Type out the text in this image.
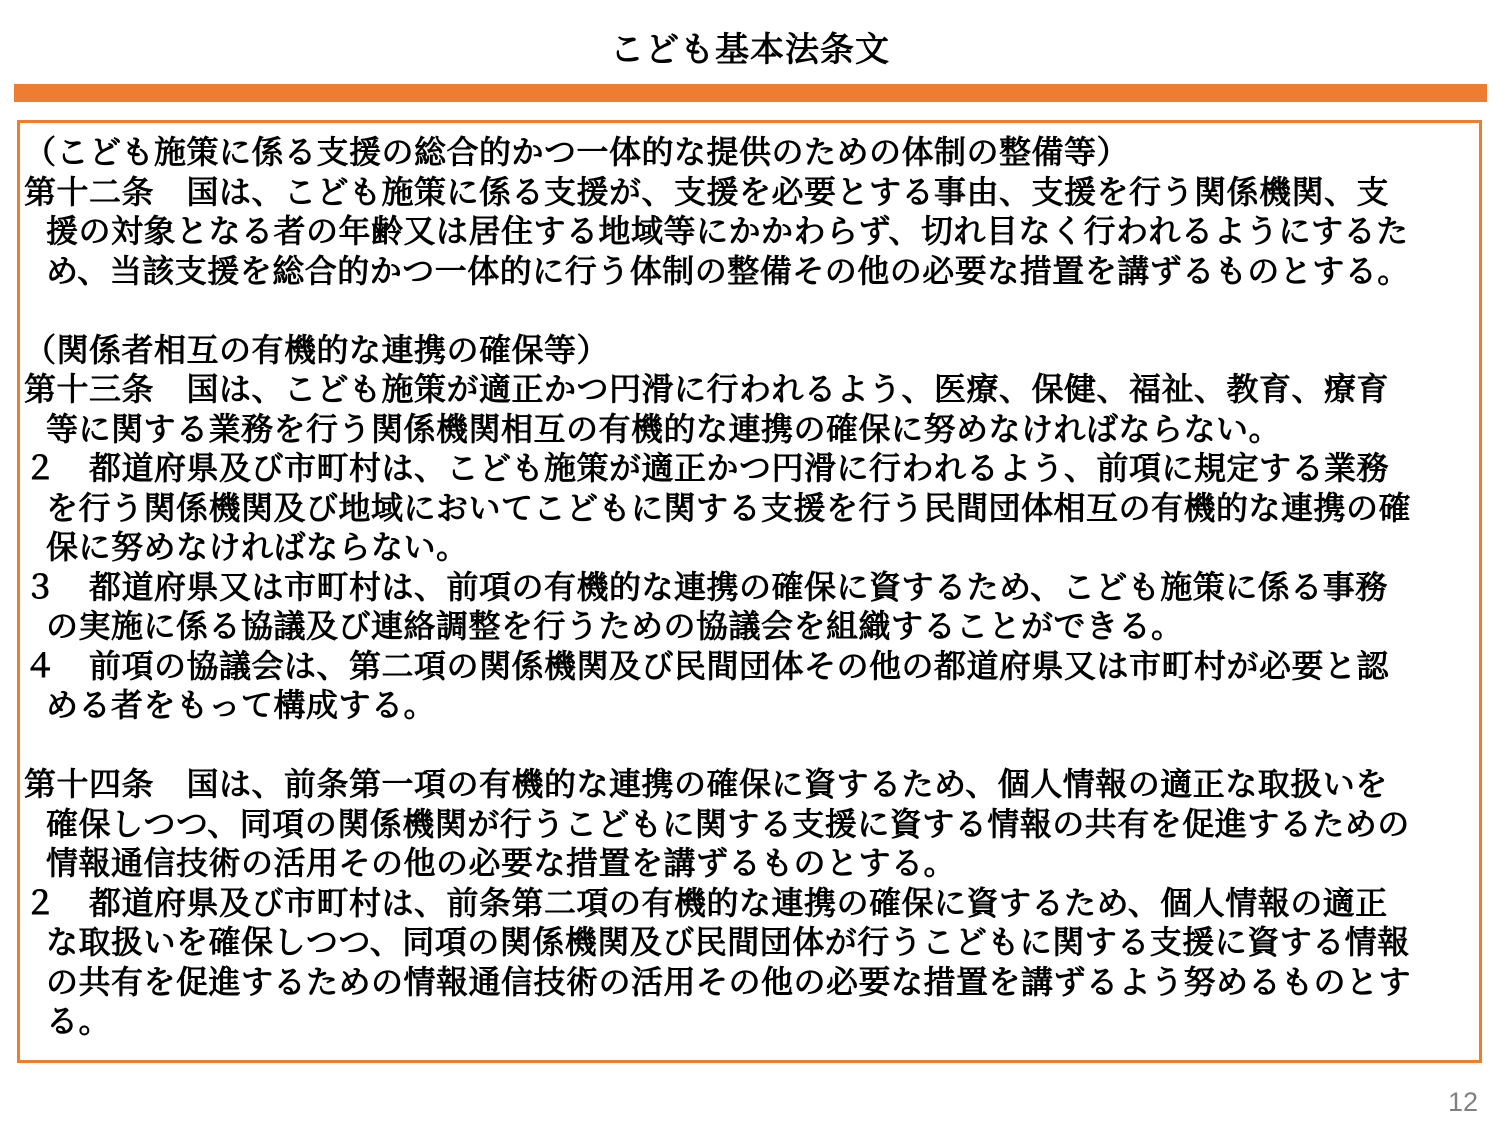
こども基本法条文
（こども施策に係る支援の総合的かつ一体的な提供のための体制の整備等）
第十二条　国は、こども施策に係る支援が、支援を必要とする事由、支援を行う関係機関、支
援の対象となる者の年齢又は居住する地域等にかかわらず、切れ目なく行われるようにするた
め、当該支援を総合的かつ一体的に行う体制の整備その他の必要な措置を講ずるものとする。
（関係者相互の有機的な連携の確保等）
第十三条　国は、こども施策が適正かつ円滑に行われるよう、医療、保健、福祉、教育、療育
等に関する業務を行う関係機関相互の有機的な連携の確保に努めなければならない。
２　都道府県及び市町村は、こども施策が適正かつ円滑に行われるよう、前項に規定する業務
を行う関係機関及び地域においてこどもに関する支援を行う民間団体相互の有機的な連携の確
保に努めなければならない。
３　都道府県又は市町村は、前項の有機的な連携の確保に資するため、こども施策に係る事務
の実施に係る協議及び連絡調整を行うための協議会を組織することができる。
４　前項の協議会は、第二項の関係機関及び民間団体その他の都道府県又は市町村が必要と認
める者をもって構成する。
第十四条　国は、前条第一項の有機的な連携の確保に資するため、個人情報の適正な取扱いを
確保しつつ、同項の関係機関が行うこどもに関する支援に資する情報の共有を促進するための
情報通信技術の活用その他の必要な措置を講ずるものとする。
２　都道府県及び市町村は、前条第二項の有機的な連携の確保に資するため、個人情報の適正
な取扱いを確保しつつ、同項の関係機関及び民間団体が行うこどもに関する支援に資する情報
の共有を促進するための情報通信技術の活用その他の必要な措置を講ずるよう努めるものとす
る。
12
